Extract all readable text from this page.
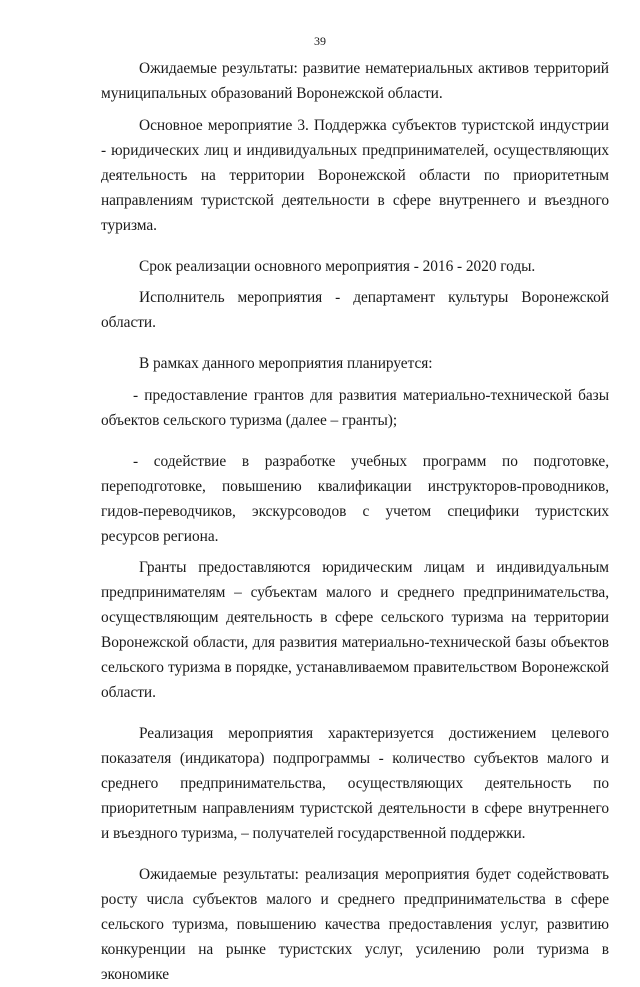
39

Ожидаемые результаты: развитие нематериальных активов территорий муниципальных образований Воронежской области.

Основное мероприятие 3. Поддержка субъектов туристской индустрии - юридических лиц и индивидуальных предпринимателей, осуществляющих деятельность на территории Воронежской области по приоритетным направлениям туристской деятельности в сфере внутреннего и въездного туризма.

Срок реализации основного мероприятия - 2016 - 2020 годы.

Исполнитель мероприятия - департамент культуры Воронежской области.

В рамках данного мероприятия планируется:

- предоставление грантов для развития материально-технической базы объектов сельского туризма (далее – гранты);

- содействие в разработке учебных программ по подготовке, переподготовке, повышению квалификации инструкторов-проводников, гидов-переводчиков, экскурсоводов с учетом специфики туристских ресурсов региона.

Гранты предоставляются юридическим лицам и индивидуальным предпринимателям – субъектам малого и среднего предпринимательства, осуществляющим деятельность в сфере сельского туризма на территории Воронежской области, для развития материально-технической базы объектов сельского туризма в порядке, устанавливаемом правительством Воронежской области.

Реализация мероприятия характеризуется достижением целевого показателя (индикатора) подпрограммы - количество субъектов малого и среднего предпринимательства, осуществляющих деятельность по приоритетным направлениям туристской деятельности в сфере внутреннего и въездного туризма, – получателей государственной поддержки.

Ожидаемые результаты: реализация мероприятия будет содействовать росту числа субъектов малого и среднего предпринимательства в сфере сельского туризма, повышению качества предоставления услуг, развитию конкуренции на рынке туристских услуг, усилению роли туризма в экономике
